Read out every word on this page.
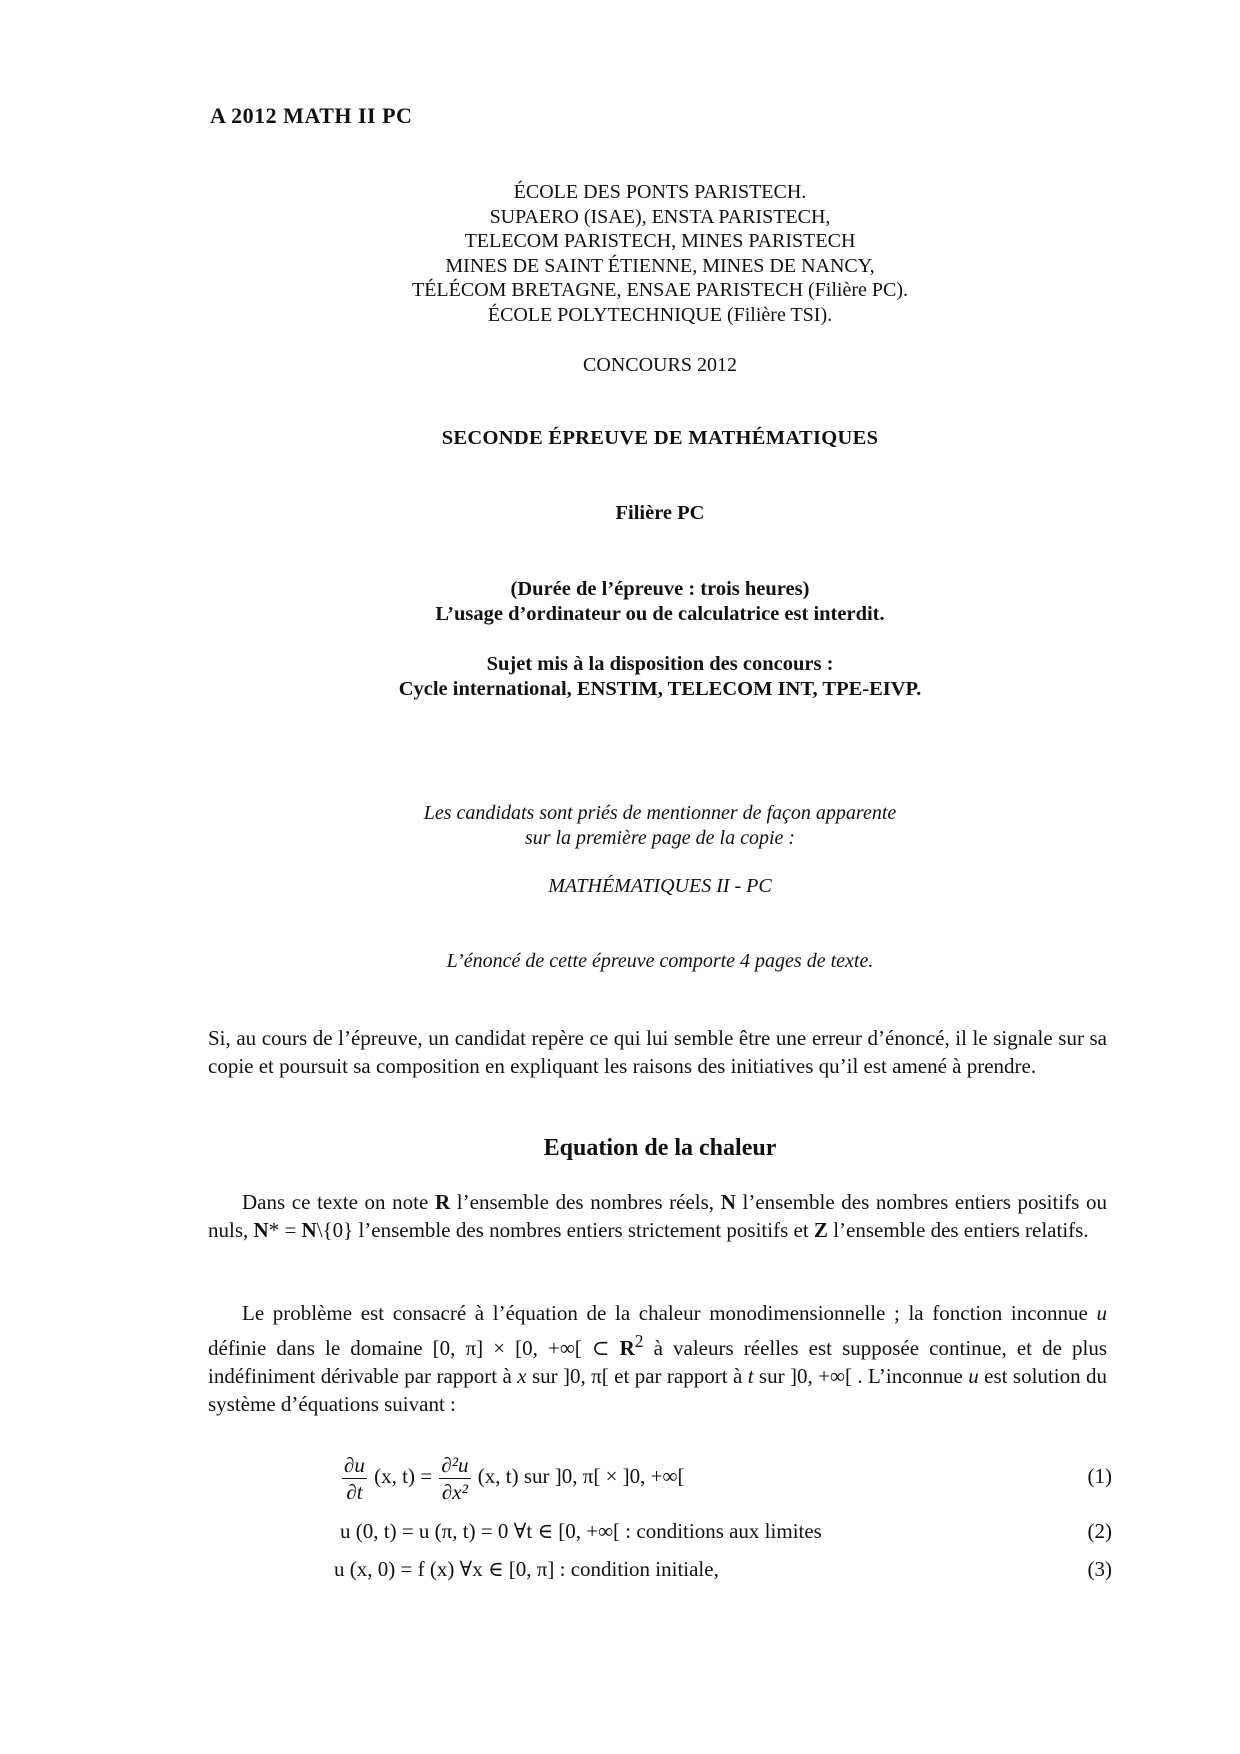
A 2012 MATH II PC
ÉCOLE DES PONTS PARISTECH.
SUPAERO (ISAE), ENSTA PARISTECH,
TELECOM PARISTECH, MINES PARISTECH
MINES DE SAINT ÉTIENNE, MINES DE NANCY,
TÉLÉCOM BRETAGNE, ENSAE PARISTECH (Filière PC).
ÉCOLE POLYTECHNIQUE (Filière TSI).
CONCOURS 2012
SECONDE ÉPREUVE DE MATHÉMATIQUES
Filière PC
(Durée de l’épreuve : trois heures)
L’usage d’ordinateur ou de calculatrice est interdit.
Sujet mis à la disposition des concours :
Cycle international, ENSTIM, TELECOM INT, TPE-EIVP.
Les candidats sont priés de mentionner de façon apparente
sur la première page de la copie :
MATHÉMATIQUES II - PC
L’énoncé de cette épreuve comporte 4 pages de texte.
Si, au cours de l’épreuve, un candidat repère ce qui lui semble être une erreur d’énoncé, il le signale sur sa copie et poursuit sa composition en expliquant les raisons des initiatives qu’il est amené à prendre.
Equation de la chaleur
Dans ce texte on note R l’ensemble des nombres réels, N l’ensemble des nombres entiers positifs ou nuls, N* = N\{0} l’ensemble des nombres entiers strictement positifs et Z l’ensemble des entiers relatifs.
Le problème est consacré à l’équation de la chaleur monodimensionnelle ; la fonction inconnue u définie dans le domaine [0, π] × [0, +∞[ ⊂ $R^2$ à valeurs réelles est supposée continue, et de plus indéfiniment dérivable par rapport à x sur ]0, π[ et par rapport à t sur ]0, +∞[ . L’inconnue u est solution du système d’équations suivant :
$\frac{\partial u}{\partial t} (x$, $t) = \frac{\text{∂²u}}{\text{∂x²}} (x$, t) sur ]0, π[ × ]0, +∞[	(1)
u (0, t) = u (π, t) = 0 ∀t ∈ [0, +∞[ : conditions aux limites	(2)
u (x, 0) = f (x) ∀x ∈ [0, π] : condition initiale,	(3)
